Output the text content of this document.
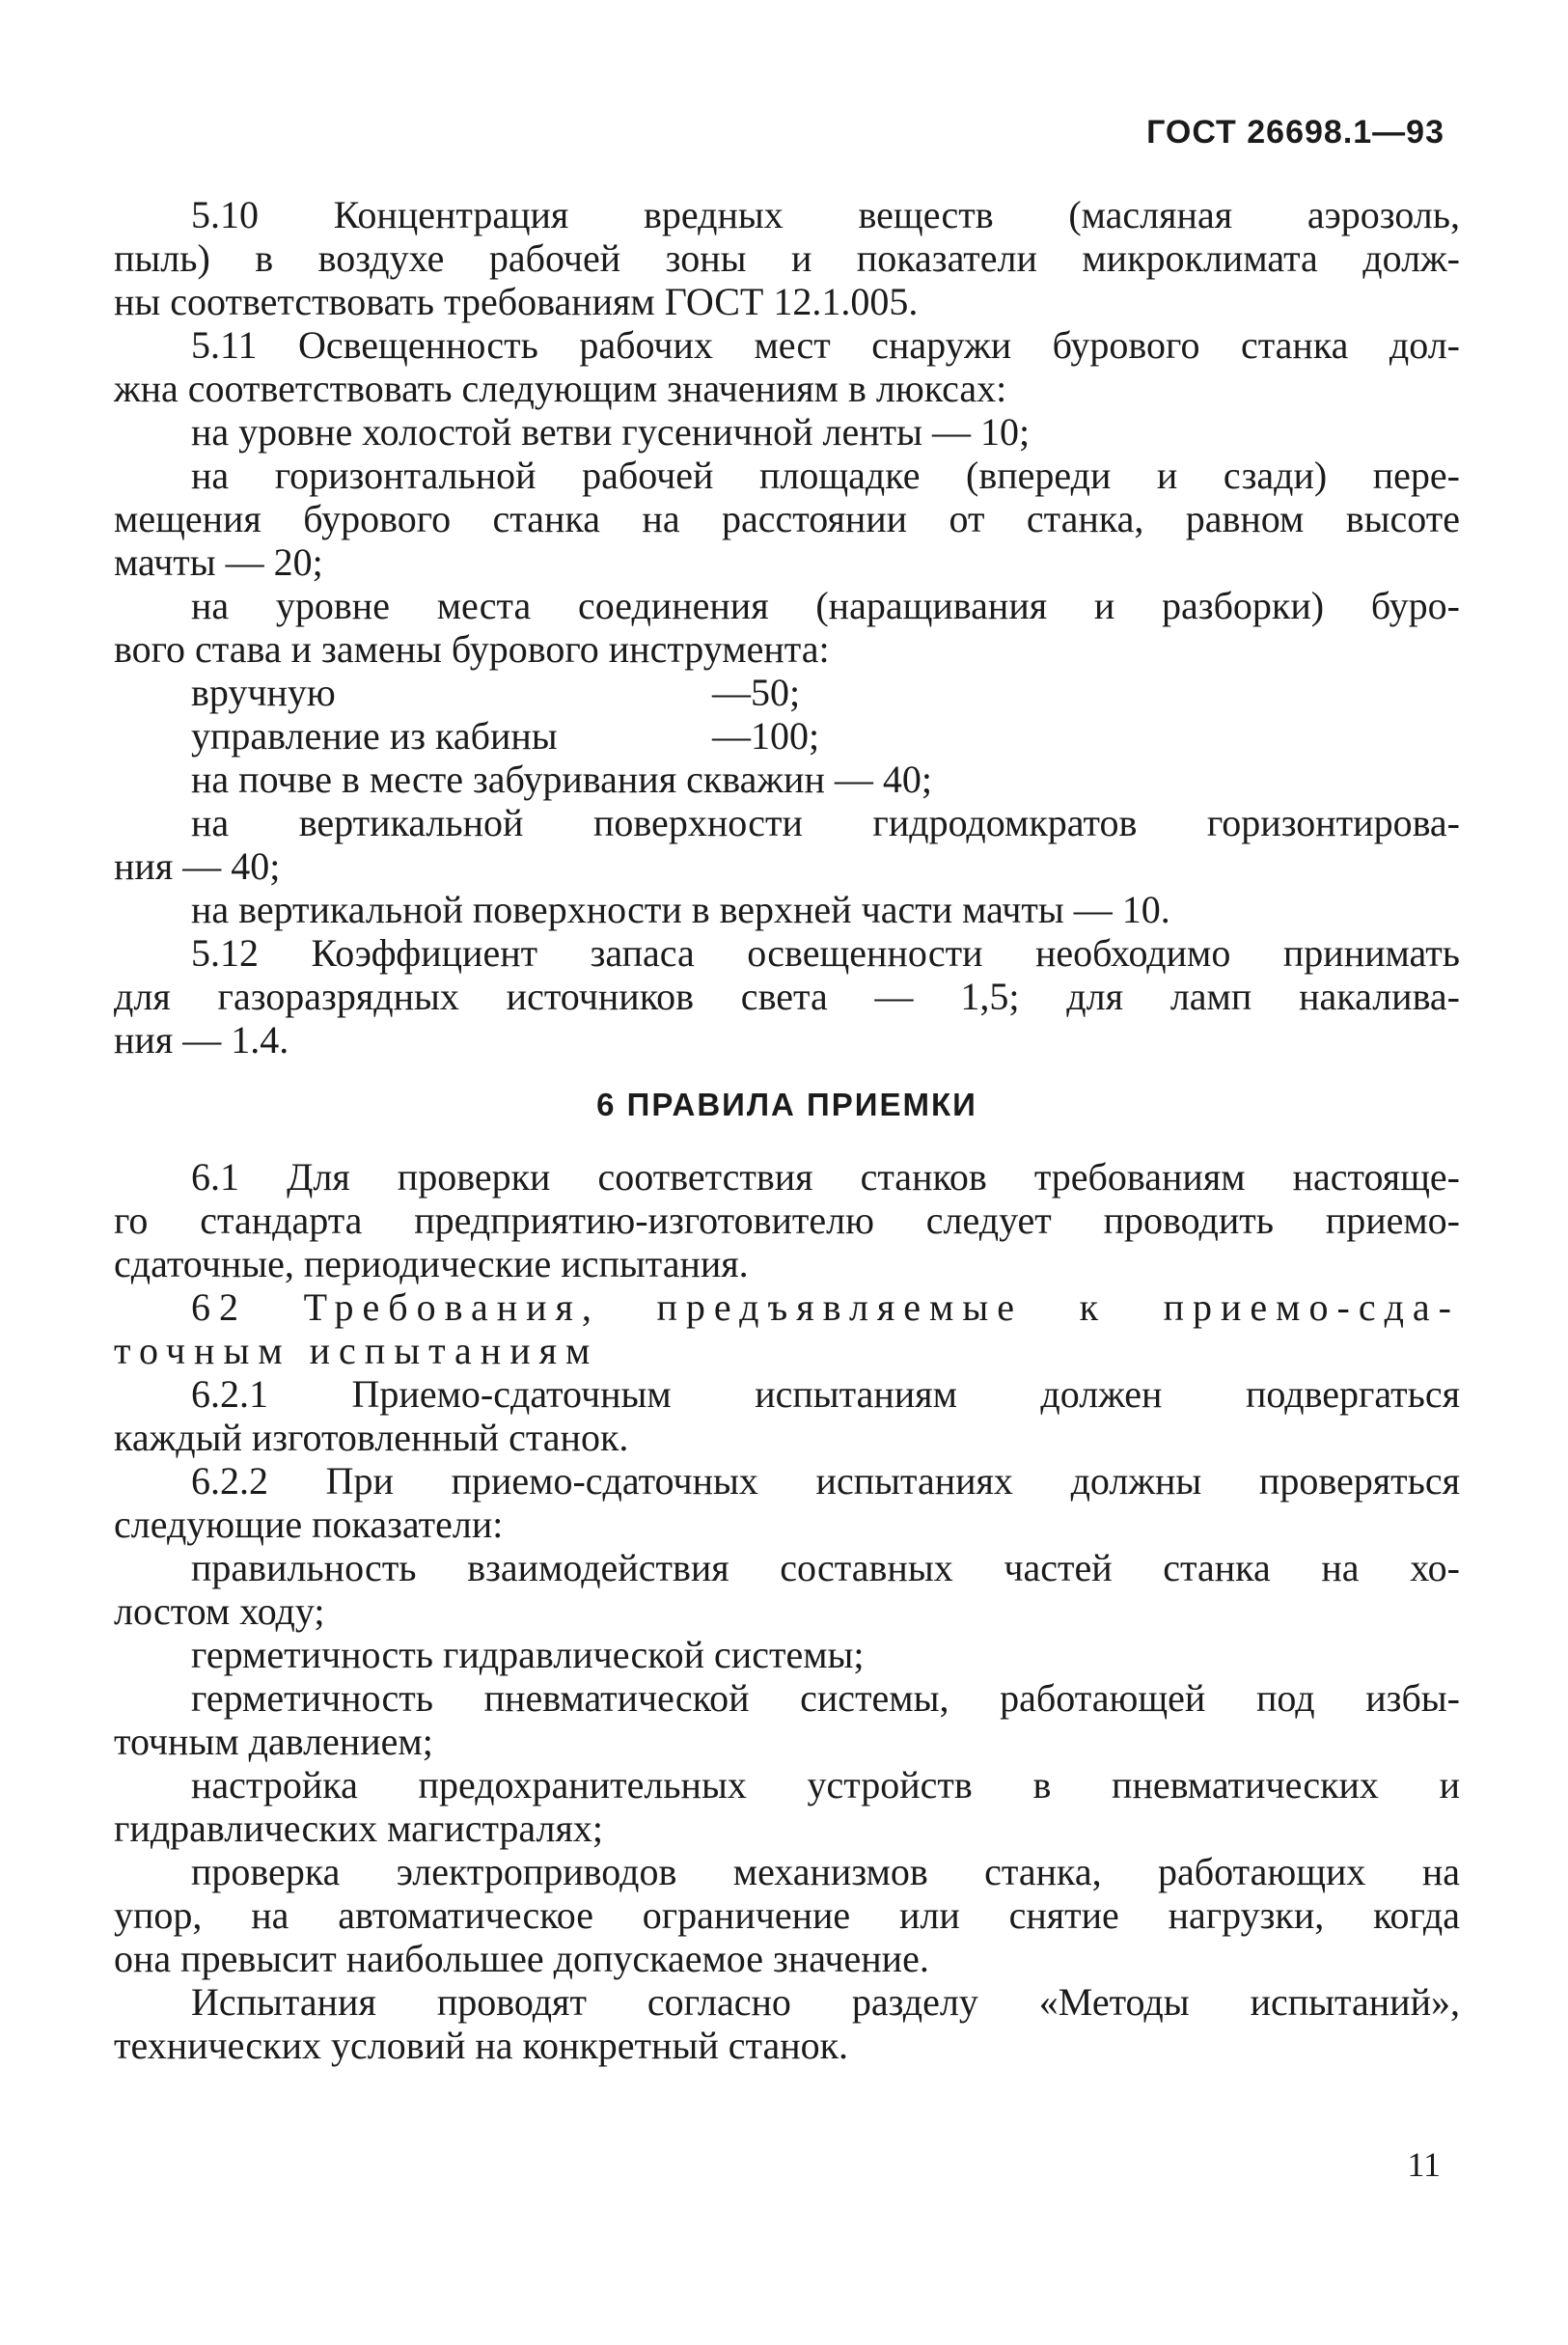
ГОСТ 26698.1—93

5.10 Концентрация вредных веществ (масляная аэрозоль,

пыль) в воздухе рабочей зоны и показатели микроклимата долж-

ны соответствовать требованиям ГОСТ 12.1.005.

5.11 Освещенность рабочих мест снаружи бурового станка дол-

жна соответствовать следующим значениям в люксах:

на уровне холостой ветви гусеничной ленты — 10;

на горизонтальной рабочей площадке (впереди и сзади) пере-

мещения бурового станка на расстоянии от станка, равном высоте

мачты — 20;

на уровне места соединения (наращивания и разборки) буро-

вого става и замены бурового инструмента:

вручную	—50;
управление из кабины	—100;

на почве в месте забуривания скважин — 40;

на вертикальной поверхности гидродомкратов горизонтирова-

ния — 40;

на вертикальной поверхности в верхней части мачты — 10.

5.12 Коэффициент запаса освещенности необходимо принимать

для газоразрядных источников света — 1,5; для ламп накалива-

ния — 1.4.

6 ПРАВИЛА ПРИЕМКИ

6.1 Для проверки соответствия станков требованиям настояще-

го стандарта предприятию-изготовителю следует проводить приемо-

сдаточные, периодические испытания.

62 Требования, предъявляемые к приемо-сда-

точным испытаниям

6.2.1 Приемо-сдаточным испытаниям должен подвергаться

каждый изготовленный станок.

6.2.2 При приемо-сдаточных испытаниях должны проверяться

следующие показатели:

правильность взаимодействия составных частей станка на хо-

лостом ходу;

герметичность гидравлической системы;

герметичность пневматической системы, работающей под избы-

точным давлением;

настройка предохранительных устройств в пневматических и

гидравлических магистралях;

проверка электроприводов механизмов станка, работающих на

упор, на автоматическое ограничение или снятие нагрузки, когда

она превысит наибольшее допускаемое значение.

Испытания проводят согласно разделу «Методы испытаний»,

технических условий на конкретный станок.

11
